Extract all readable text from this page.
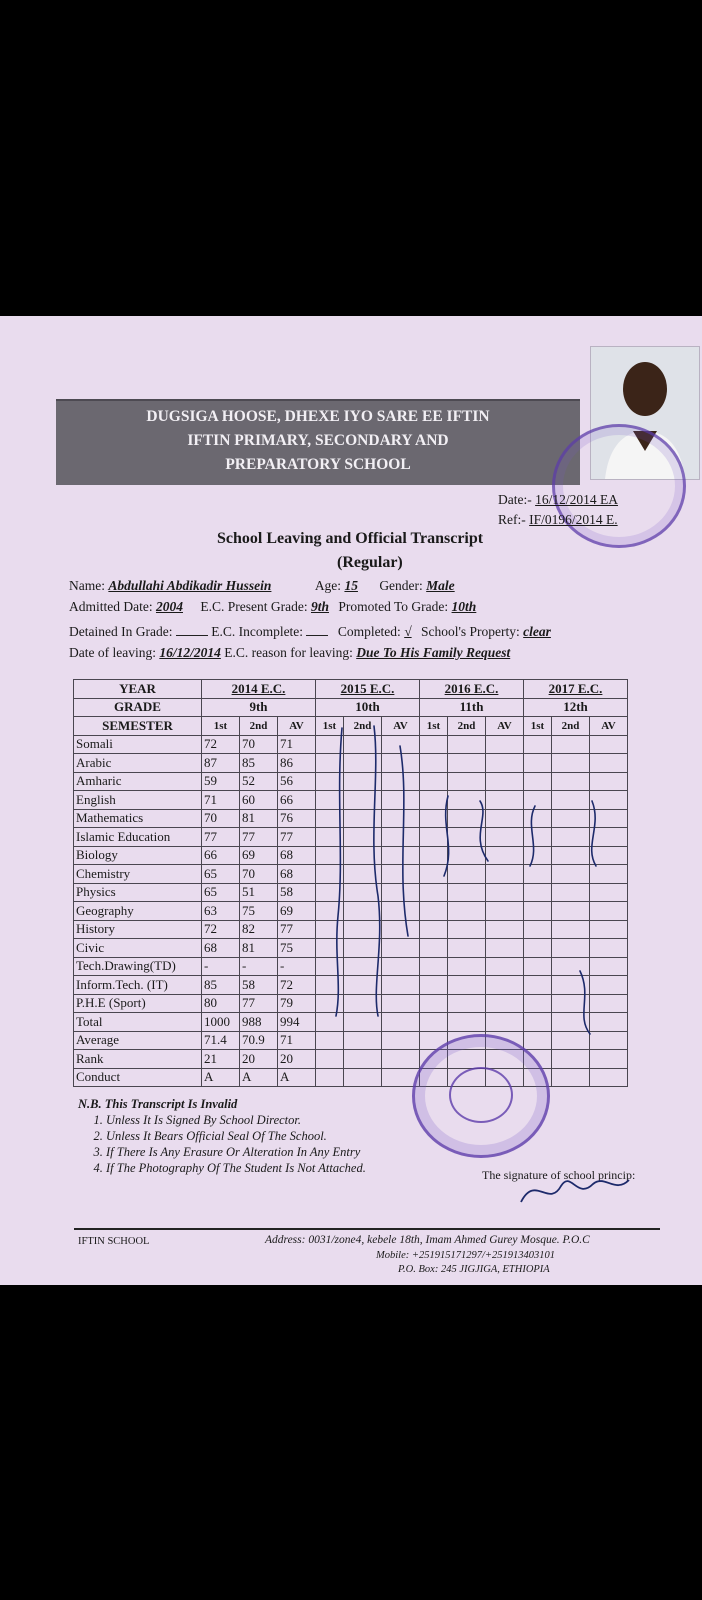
DUGSIGA HOOSE, DHEXE IYO SARE EE IFTIN
IFTIN PRIMARY, SECONDARY AND
PREPARATORY SCHOOL
Date:- 16/12/2014 EA
Ref:- IF/0196/2014 E.
School Leaving and Official Transcript
(Regular)
Name: Abdullahi Abdikadir Hussein	Age: 15 Gender: Male
Admitted Date: 2004 E.C. Present Grade: 9th Promoted To Grade: 10th
Detained In Grade:	E.C. Incomplete:	Completed: √ School's Property: clear
Date of leaving: 16/12/2014 E.C. reason for leaving: Due To His Family Request
YEAR	2014 E.C.			2015 E.C.			2016 E.C.			2017 E.C.		
GRADE	9th			10th			11th			12th		
SEMESTER	1st	2nd	AV	1st	2nd	AV	1st	2nd	AV	1st	2nd	AV
Somali	72	70	71									
Arabic	87	85	86									
Amharic	59	52	56									
English	71	60	66									
Mathematics	70	81	76									
Islamic Education	77	77	77									
Biology	66	69	68									
Chemistry	65	70	68									
Physics	65	51	58									
Geography	63	75	69									
History	72	82	77									
Civic	68	81	75									
Tech.Drawing(TD)	-	-	-									
Inform.Tech. (IT)	85	58	72									
P.H.E (Sport)	80	77	79									
Total	1000	988	994									
Average	71.4	70.9	71									
Rank	21	20	20									
Conduct	A	A	A									
N.B. This Transcript Is Invalid
1. Unless It Is Signed By School Director.
2. Unless It Bears Official Seal Of The School.
3. If There Is Any Erasure Or Alteration In Any Entry
4. If The Photography Of The Student Is Not Attached.	The signature of school princip:
IFTIN SCHOOL	Address: 0031/zone4, kebele 18th, Imam Ahmed Gurey Mosque. P.O.C
Mobile: +251915171297/+251913403101
P.O. Box: 245 JIGJIGA, ETHIOPIA
